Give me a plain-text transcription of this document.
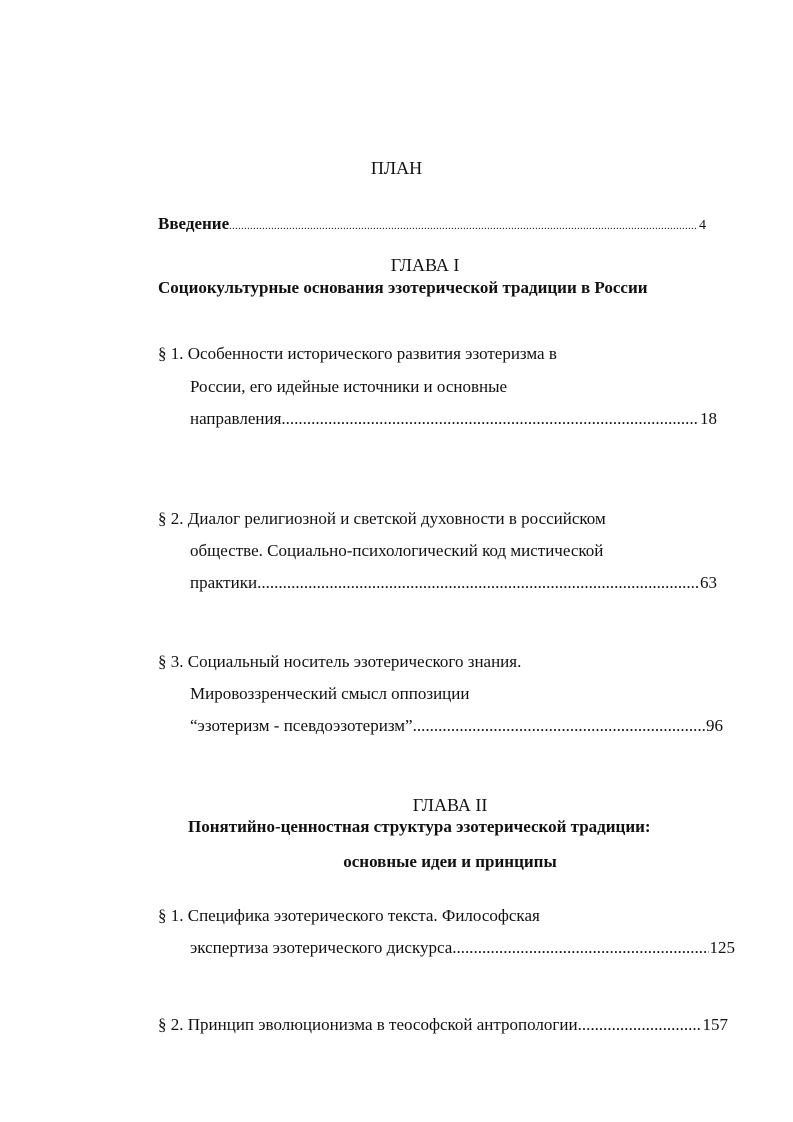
ПЛАН
Введение .....	4
ГЛАВА I
Социокультурные основания эзотерической традиции в России
§ 1. Особенности исторического развития эзотеризма в
России, его идейные источники и основные
направления .....	18
§ 2. Диалог религиозной и светской духовности в российском
обществе. Социально-психологический код мистической
практики .....	63
§ 3. Социальный носитель эзотерического знания.
Мировоззренческий смысл оппозиции
“эзотеризм - псевдоэзотеризм” .....	96
ГЛАВА II
Понятийно-ценностная структура эзотерической традиции:
основные идеи и принципы
§ 1. Специфика эзотерического текста. Философская
экспертиза эзотерического дискурса .....	125
§ 2. Принцип эволюционизма в теософской антропологии .....	157
